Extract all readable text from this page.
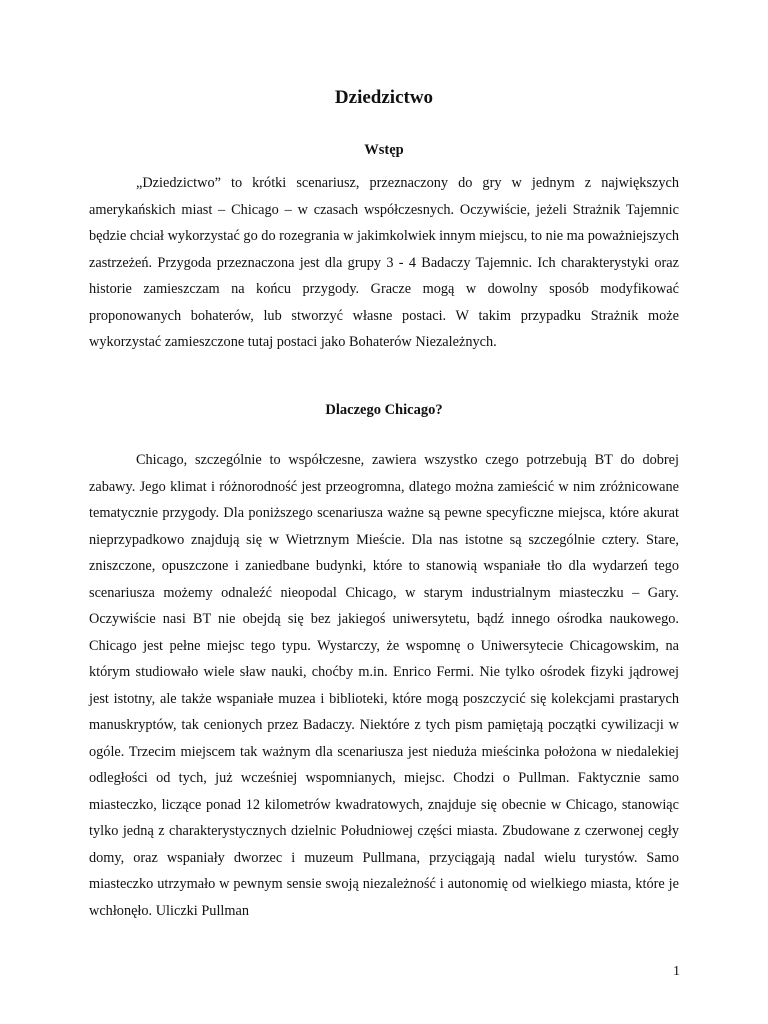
Dziedzictwo
Wstęp

„Dziedzictwo” to krótki scenariusz, przeznaczony do gry w jednym z największych amerykańskich miast – Chicago – w czasach współczesnych. Oczywiście, jeżeli Strażnik Tajemnic będzie chciał wykorzystać go do rozegrania w jakimkolwiek innym miejscu, to nie ma poważniejszych zastrzeżeń. Przygoda przeznaczona jest dla grupy 3 - 4 Badaczy Tajemnic. Ich charakterystyki oraz historie zamieszczam na końcu przygody. Gracze mogą w dowolny sposób modyfikować proponowanych bohaterów, lub stworzyć własne postaci. W takim przypadku Strażnik może wykorzystać zamieszczone tutaj postaci jako Bohaterów Niezależnych.

Dlaczego Chicago?

Chicago, szczególnie to współczesne, zawiera wszystko czego potrzebują BT do dobrej zabawy. Jego klimat i różnorodność jest przeogromna, dlatego można zamieścić w nim zróżnicowane tematycznie przygody. Dla poniższego scenariusza ważne są pewne specyficzne miejsca, które akurat nieprzypadkowo znajdują się w Wietrznym Mieście. Dla nas istotne są szczególnie cztery. Stare, zniszczone, opuszczone i zaniedbane budynki, które to stanowią wspaniałe tło dla wydarzeń tego scenariusza możemy odnaleźć nieopodal Chicago, w starym industrialnym miasteczku – Gary. Oczywiście nasi BT nie obejdą się bez jakiegoś uniwersytetu, bądź innego ośrodka naukowego. Chicago jest pełne miejsc tego typu. Wystarczy, że wspomnę o Uniwersytecie Chicagowskim, na którym studiowało wiele sław nauki, choćby m.in. Enrico Fermi. Nie tylko ośrodek fizyki jądrowej jest istotny, ale także wspaniałe muzea i biblioteki, które mogą poszczycić się kolekcjami prastarych manuskryptów, tak cenionych przez Badaczy. Niektóre z tych pism pamiętają początki cywilizacji w ogóle. Trzecim miejscem tak ważnym dla scenariusza jest nieduża mieścinka położona w niedalekiej odległości od tych, już wcześniej wspomnianych, miejsc. Chodzi o Pullman. Faktycznie samo miasteczko, liczące ponad 12 kilometrów kwadratowych, znajduje się obecnie w Chicago, stanowiąc tylko jedną z charakterystycznych dzielnic Południowej części miasta. Zbudowane z czerwonej cegły domy, oraz wspaniały dworzec i muzeum Pullmana, przyciągają nadal wielu turystów. Samo miasteczko utrzymało w pewnym sensie swoją niezależność i autonomię od wielkiego miasta, które je wchłonęło. Uliczki Pullman

1
